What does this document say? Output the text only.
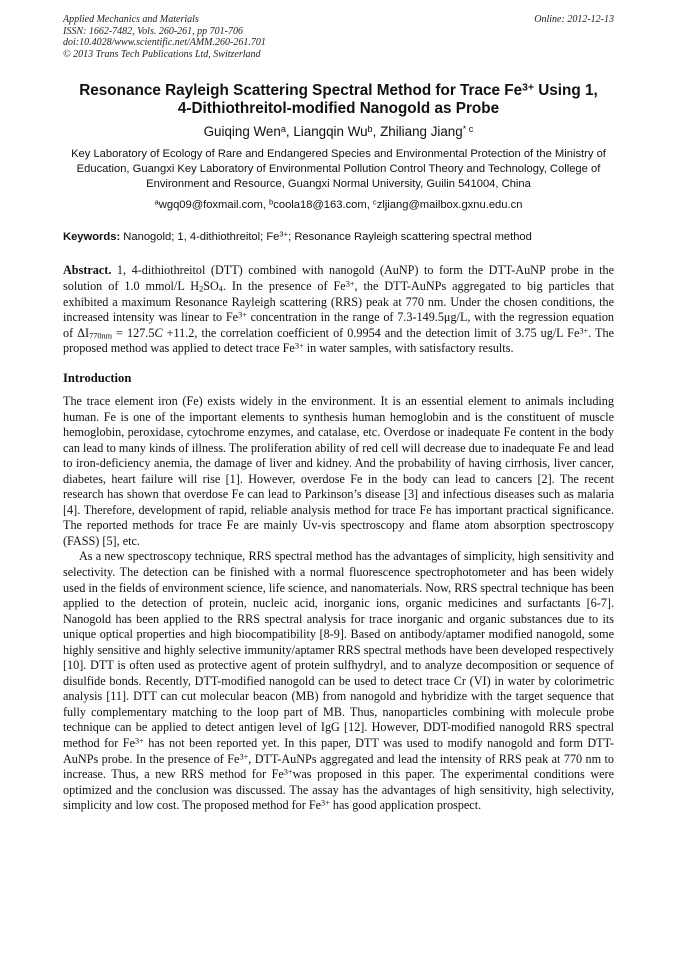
Applied Mechanics and Materials
ISSN: 1662-7482, Vols. 260-261, pp 701-706
doi:10.4028/www.scientific.net/AMM.260-261.701
© 2013 Trans Tech Publications Ltd, Switzerland
Online: 2012-12-13
Resonance Rayleigh Scattering Spectral Method for Trace $Fe^{3+}$ Using 1,
4-Dithiothreitol-modified Nanogold as Probe
Guiqing Wen$^a$, Liangqin Wu$^b$, Zhiliang Jiang$^{* c}$
Key Laboratory of Ecology of Rare and Endangered Species and Environmental Protection of the Ministry of Education, Guangxi Key Laboratory of Environmental Pollution Control Theory and Technology, College of Environment and Resource, Guangxi Normal University, Guilin 541004, China
$^a$wgq09@foxmail.com, $^b$coola18@163.com, $^c$zljiang@mailbox.gxnu.edu.cn
Keywords: Nanogold; 1, 4-dithiothreitol; $Fe^{3+}$; Resonance Rayleigh scattering spectral method
Abstract. 1, 4-dithiothreitol (DTT) combined with nanogold (AuNP) to form the DTT-AuNP probe in the solution of 1.0 mmol/L $H_2SO_4$. In the presence of $Fe^{3+}$, the DTT-AuNPs aggregated to big particles that exhibited a maximum Resonance Rayleigh scattering (RRS) peak at 770 nm. Under the chosen conditions, the increased intensity was linear to $Fe^{3+}$ concentration in the range of 7.3-149.5μg/L, with the regression equation of $\Delta I_{770nm} = 127.5C +11.2$, the correlation coefficient of 0.9954 and the detection limit of 3.75 ug/L $Fe^{3+}$. The proposed method was applied to detect trace $Fe^{3+}$ in water samples, with satisfactory results.
Introduction
The trace element iron (Fe) exists widely in the environment. It is an essential element to animals including human. Fe is one of the important elements to synthesis human hemoglobin and is the constituent of muscle hemoglobin, peroxidase, cytochrome enzymes, and catalase, etc. Overdose or inadequate Fe content in the body can lead to many kinds of illness. The proliferation ability of red cell will decrease due to inadequate Fe and lead to iron-deficiency anemia, the damage of liver and kidney. And the probability of having cirrhosis, liver cancer, diabetes, heart failure will rise [1]. However, overdose Fe in the body can lead to cancers [2]. The recent research has shown that overdose Fe can lead to Parkinson’s disease [3] and infectious diseases such as malaria [4]. Therefore, development of rapid, reliable analysis method for trace Fe has important practical significance. The reported methods for trace Fe are mainly Uv-vis spectroscopy and flame atom absorption spectroscopy (FASS) [5], etc.
As a new spectroscopy technique, RRS spectral method has the advantages of simplicity, high sensitivity and selectivity. The detection can be finished with a normal fluorescence spectrophotometer and has been widely used in the fields of environment science, life science, and nanomaterials. Now, RRS spectral technique has been applied to the detection of protein, nucleic acid, inorganic ions, organic medicines and surfactants [6-7]. Nanogold has been applied to the RRS spectral analysis for trace inorganic and organic substances due to its unique optical properties and high biocompatibility [8-9]. Based on antibody/aptamer modified nanogold, some highly sensitive and highly selective immunity/aptamer RRS spectral methods have been developed respectively [10]. DTT is often used as protective agent of protein sulfhydryl, and to analyze decomposition or sequence of disulfide bonds. Recently, DTT-modified nanogold can be used to detect trace Cr (VI) in water by colorimetric analysis [11]. DTT can cut molecular beacon (MB) from nanogold and hybridize with the target sequence that fully complementary matching to the loop part of MB. Thus, nanoparticles combining with molecule probe technique can be applied to detect antigen level of IgG [12]. However, DDT-modified nanogold RRS spectral method for $Fe^{3+}$ has not been reported yet. In this paper, DTT was used to modify nanogold and form DTT-AuNPs probe. In the presence of $Fe^{3+}$, DTT-AuNPs aggregated and lead the intensity of RRS peak at 770 nm to increase. Thus, a new RRS method for $Fe^{3+}was$ proposed in this paper. The experimental conditions were optimized and the conclusion was discussed. The assay has the advantages of high sensitivity, high selectivity, simplicity and low cost. The proposed method for $Fe^{3+}$ has good application prospect.
